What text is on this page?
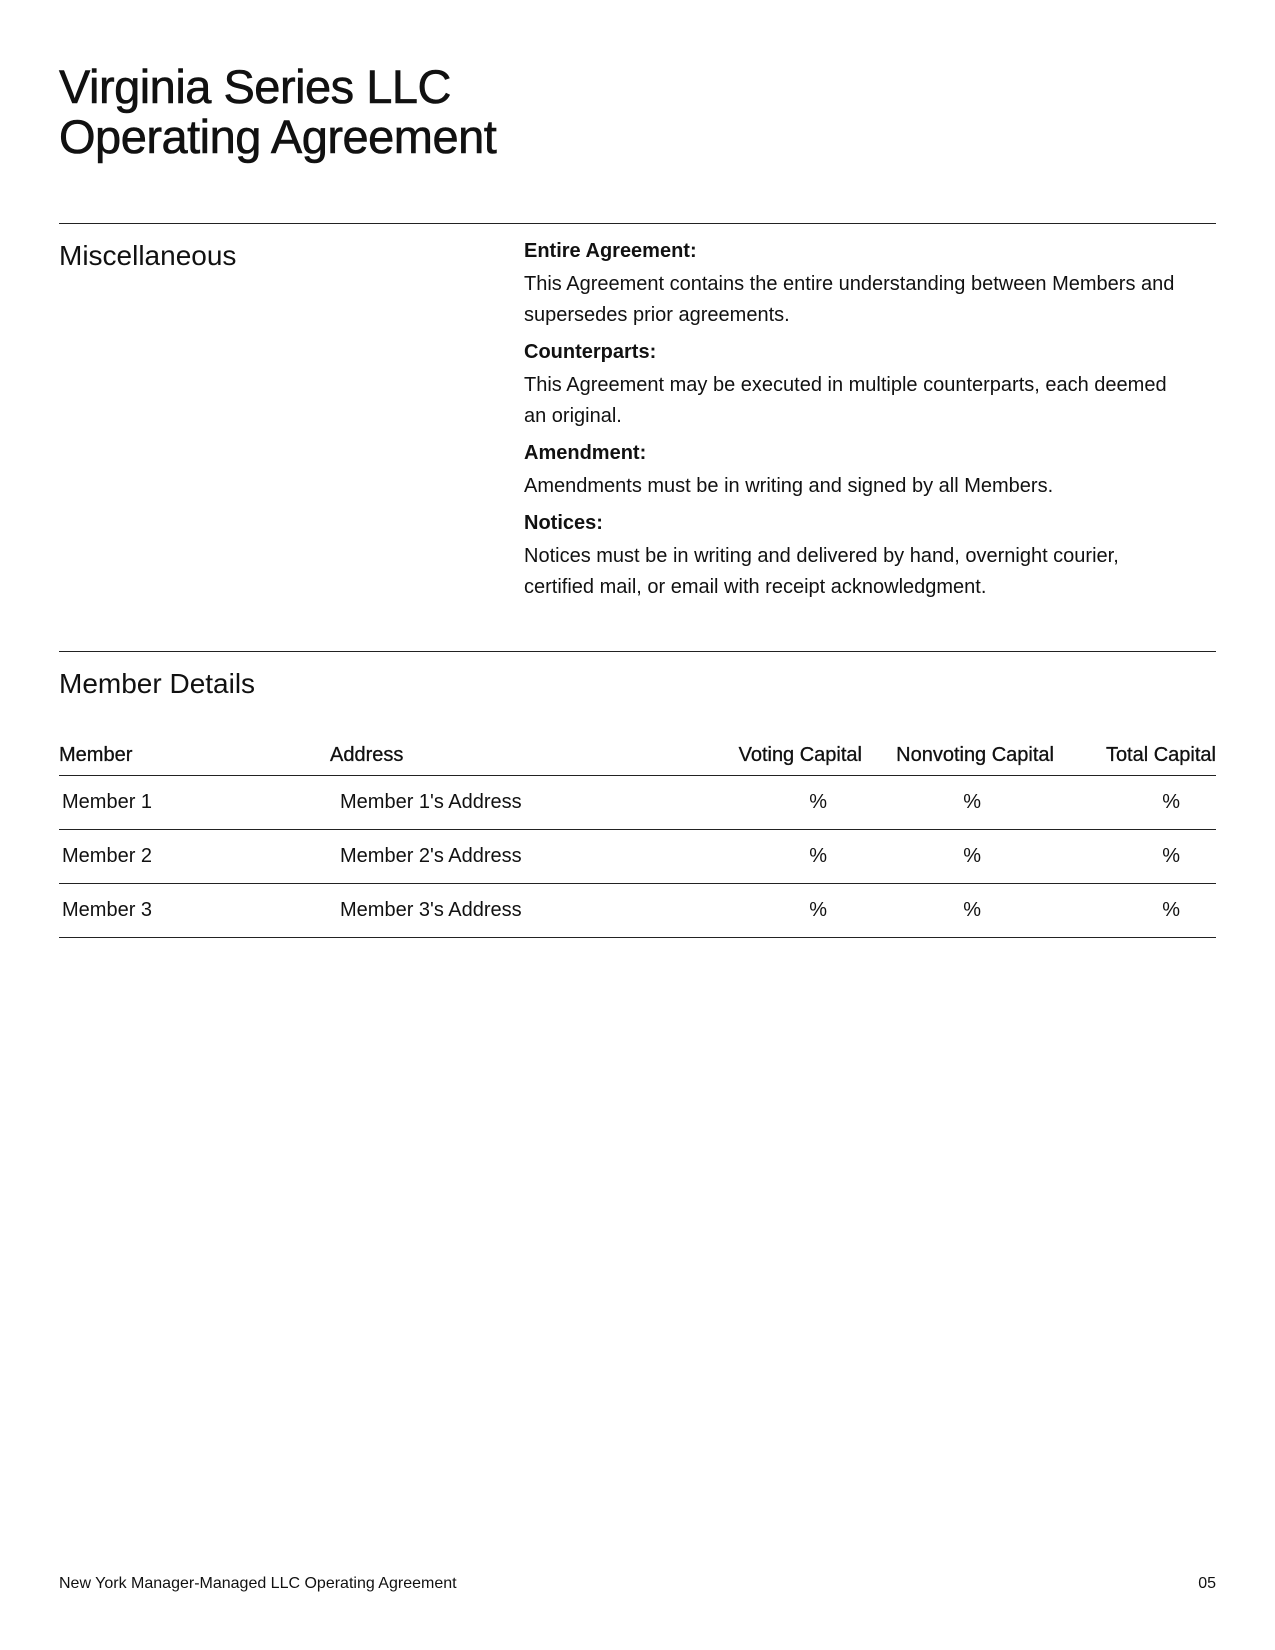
Virginia Series LLC
Operating Agreement
Miscellaneous	Entire Agreement:

This Agreement contains the entire understanding between Members and supersedes prior agreements.

Counterparts:

This Agreement may be executed in multiple counterparts, each deemed an original.

Amendment:

Amendments must be in writing and signed by all Members.

Notices:

Notices must be in writing and delivered by hand, overnight courier, certified mail, or email with receipt acknowledgment.

Member Details
Member	Address	Voting Capital	Nonvoting Capital	Total Capital
Member 1	Member 1's Address	%	%	%
Member 2	Member 2's Address	%	%	%
Member 3	Member 3's Address	%	%	%
New York Manager-Managed LLC Operating Agreement	05
